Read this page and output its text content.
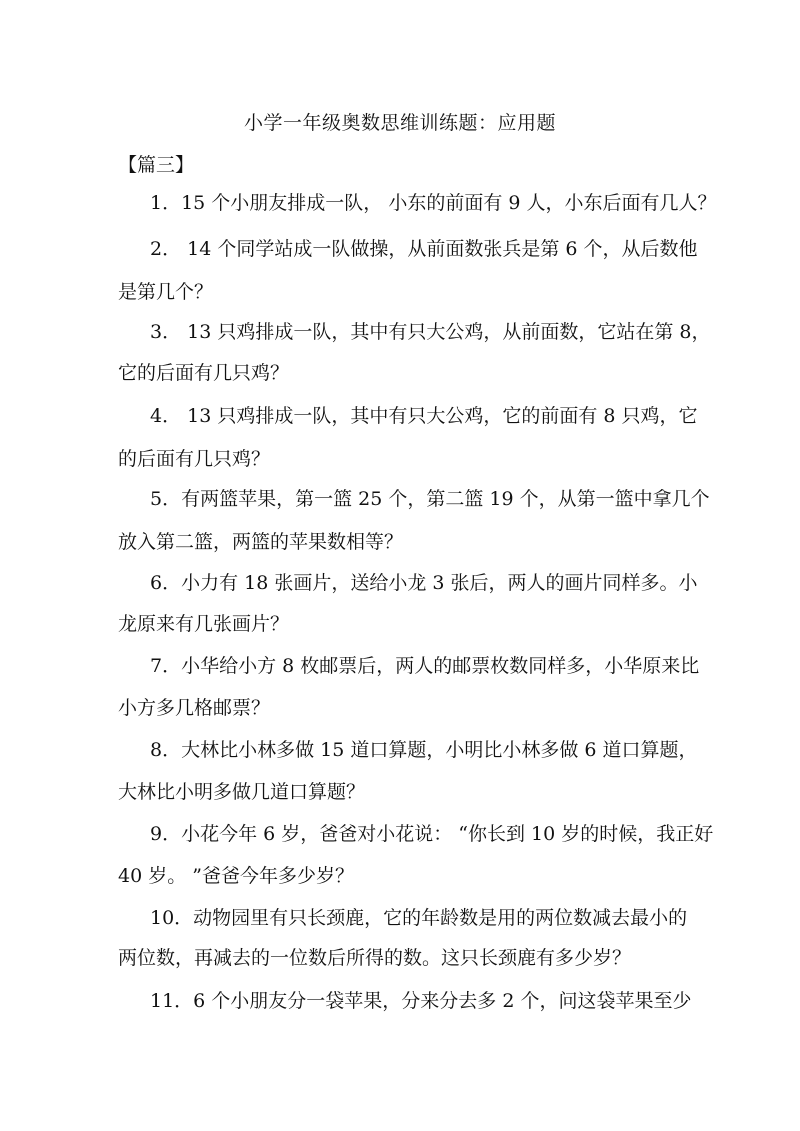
小学一年级奥数思维训练题：应用题
【篇三】
1．15 个小朋友排成一队， 小东的前面有 9 人，小东后面有几人？
2． 14 个同学站成一队做操，从前面数张兵是第 6 个，从后数他
是第几个？
3． 13 只鸡排成一队，其中有只大公鸡，从前面数，它站在第 8，
它的后面有几只鸡？
4． 13 只鸡排成一队，其中有只大公鸡，它的前面有 8 只鸡，它
的后面有几只鸡？
5．有两篮苹果，第一篮 25 个，第二篮 19 个，从第一篮中拿几个
放入第二篮，两篮的苹果数相等？
6．小力有 18 张画片，送给小龙 3 张后，两人的画片同样多。小
龙原来有几张画片？
7．小华给小方 8 枚邮票后，两人的邮票枚数同样多，小华原来比
小方多几格邮票？
8．大林比小林多做 15 道口算题，小明比小林多做 6 道口算题，
大林比小明多做几道口算题？
9．小花今年 6 岁，爸爸对小花说： “你长到 10 岁的时候，我正好
40 岁。 ”爸爸今年多少岁？
10．动物园里有只长颈鹿，它的年龄数是用的两位数减去最小的
两位数，再减去的一位数后所得的数。这只长颈鹿有多少岁？
11．6 个小朋友分一袋苹果，分来分去多 2 个，问这袋苹果至少
